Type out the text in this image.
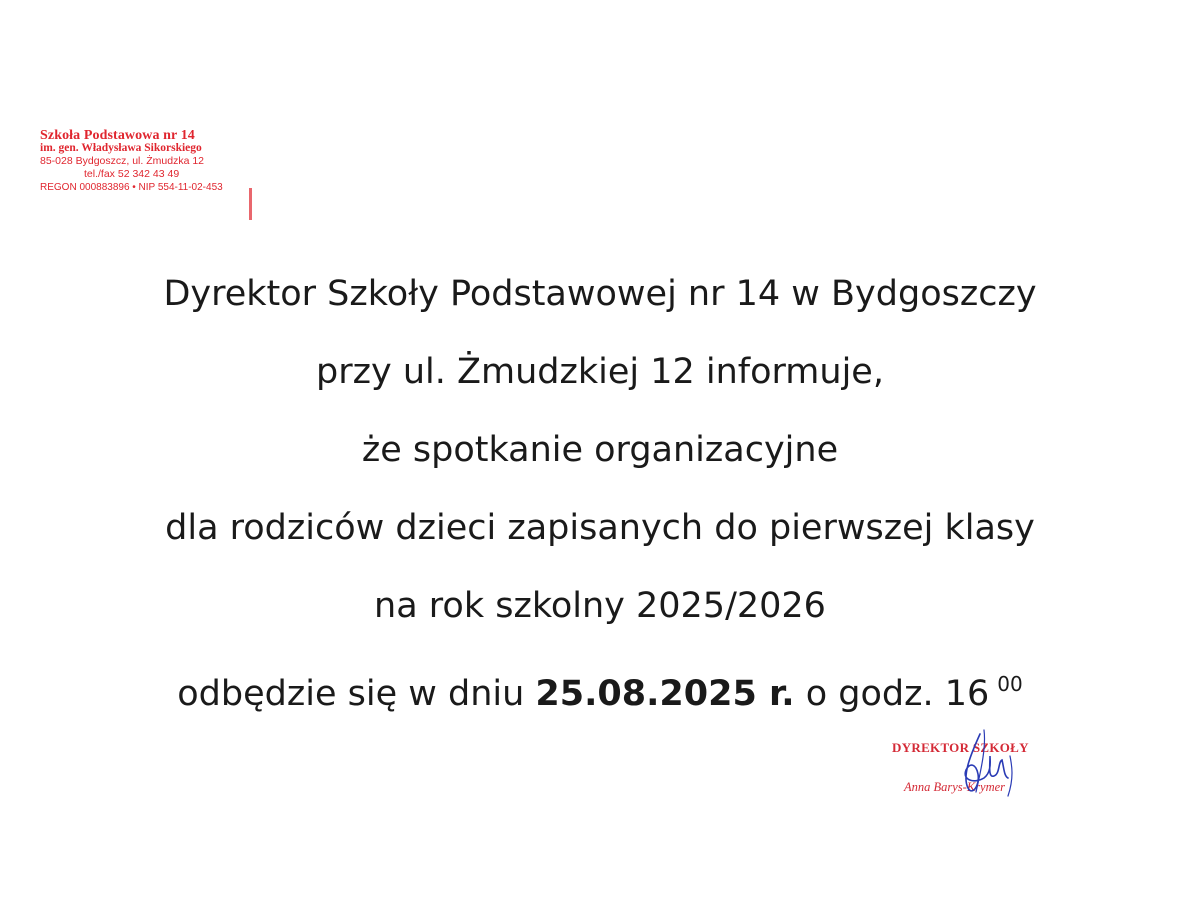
Szkoła Podstawowa nr 14
im. gen. Władysława Sikorskiego
85-028 Bydgoszcz, ul. Żmudzka 12
tel./fax 52 342 43 49
REGON 000883896 • NIP 554-11-02-453
Dyrektor Szkoły Podstawowej nr 14 w Bydgoszczy
przy ul. Żmudzkiej 12 informuje,
że spotkanie organizacyjne
dla rodziców dzieci zapisanych do pierwszej klasy
na rok szkolny 2025/2026
odbędzie się w dniu 25.08.2025 r. o godz. 16 $^{00}$
DYREKTOR SZKOŁY
Anna Barys-Krymer
